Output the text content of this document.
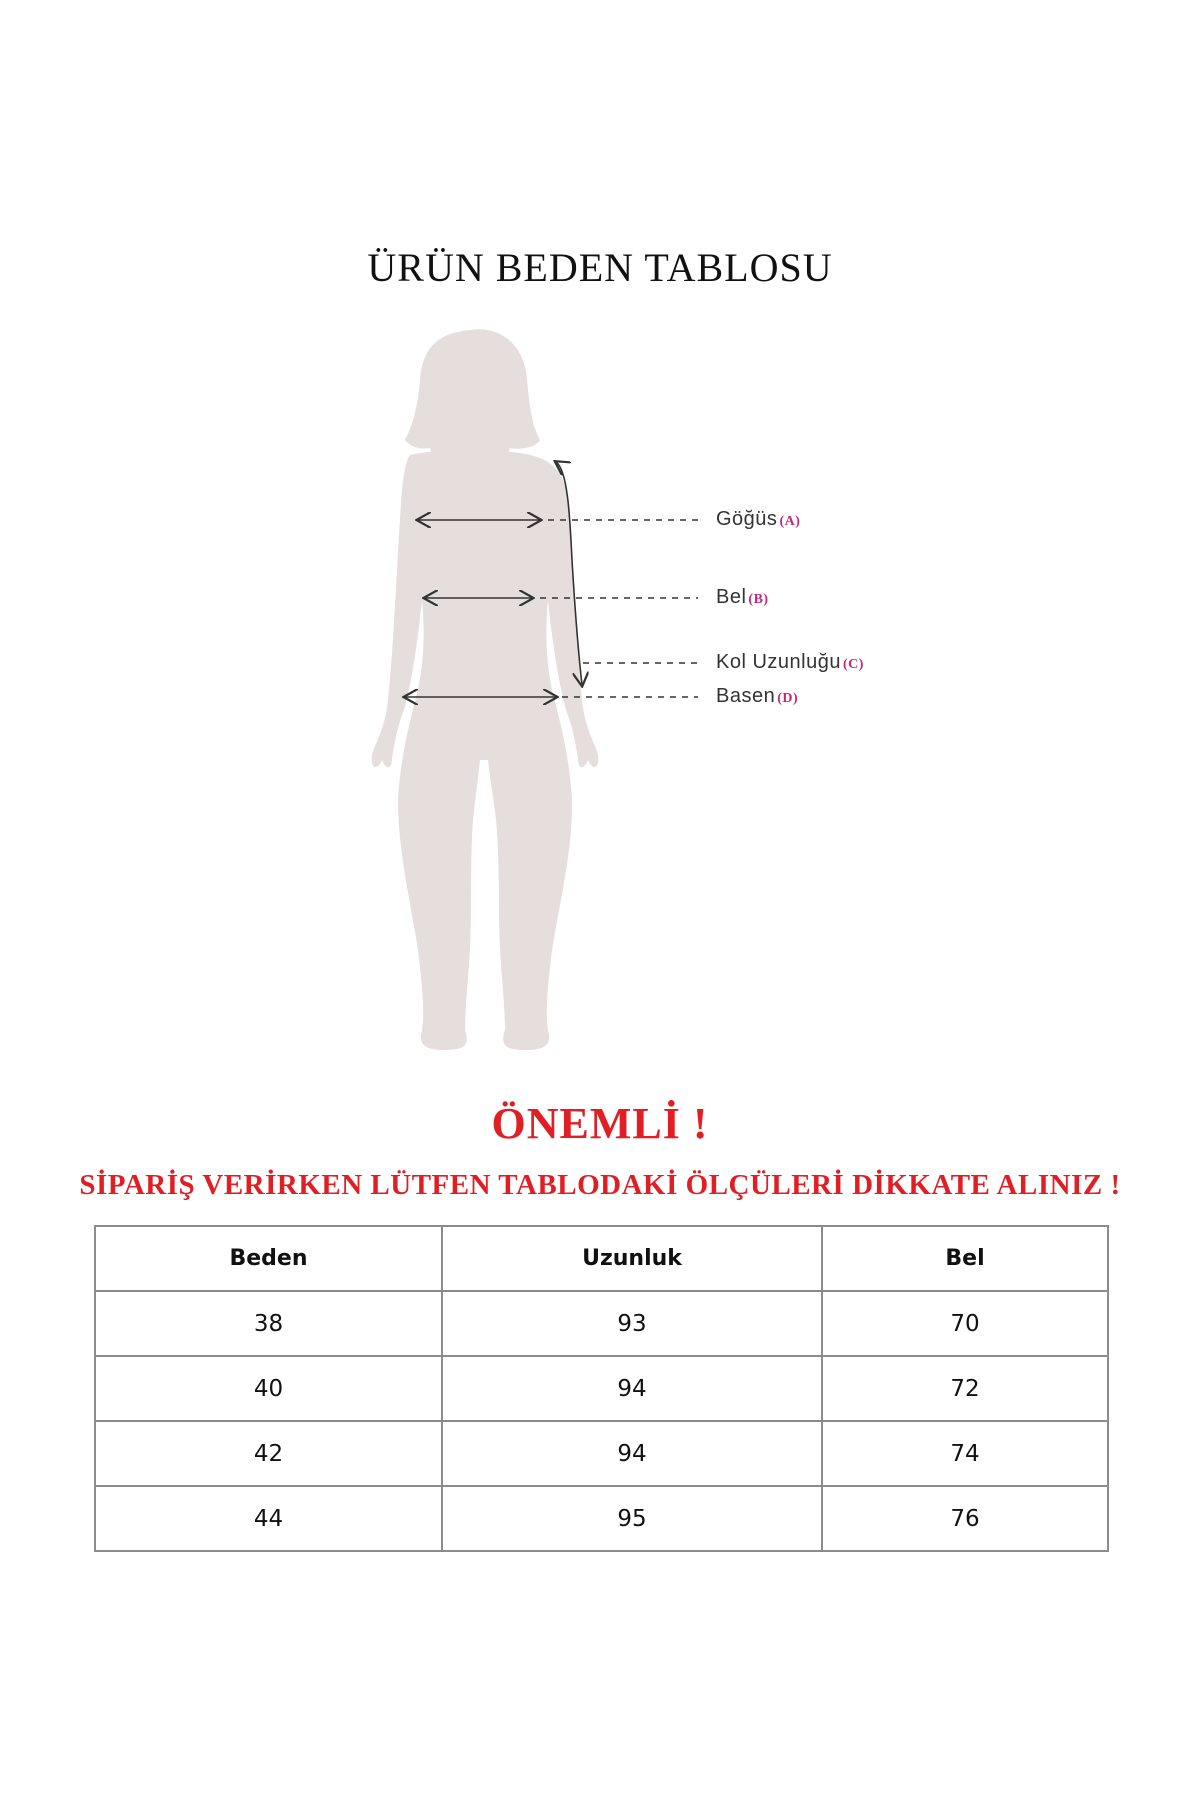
ÜRÜN BEDEN TABLOSU
Göğüs (A)
Bel (B)
Kol Uzunluğu (C)
Basen (D)
ÖNEMLİ !
SİPARİŞ VERİRKEN LÜTFEN TABLODAKİ ÖLÇÜLERİ DİKKATE ALINIZ !
Beden	Uzunluk	Bel
38	93	70
40	94	72
42	94	74
44	95	76
